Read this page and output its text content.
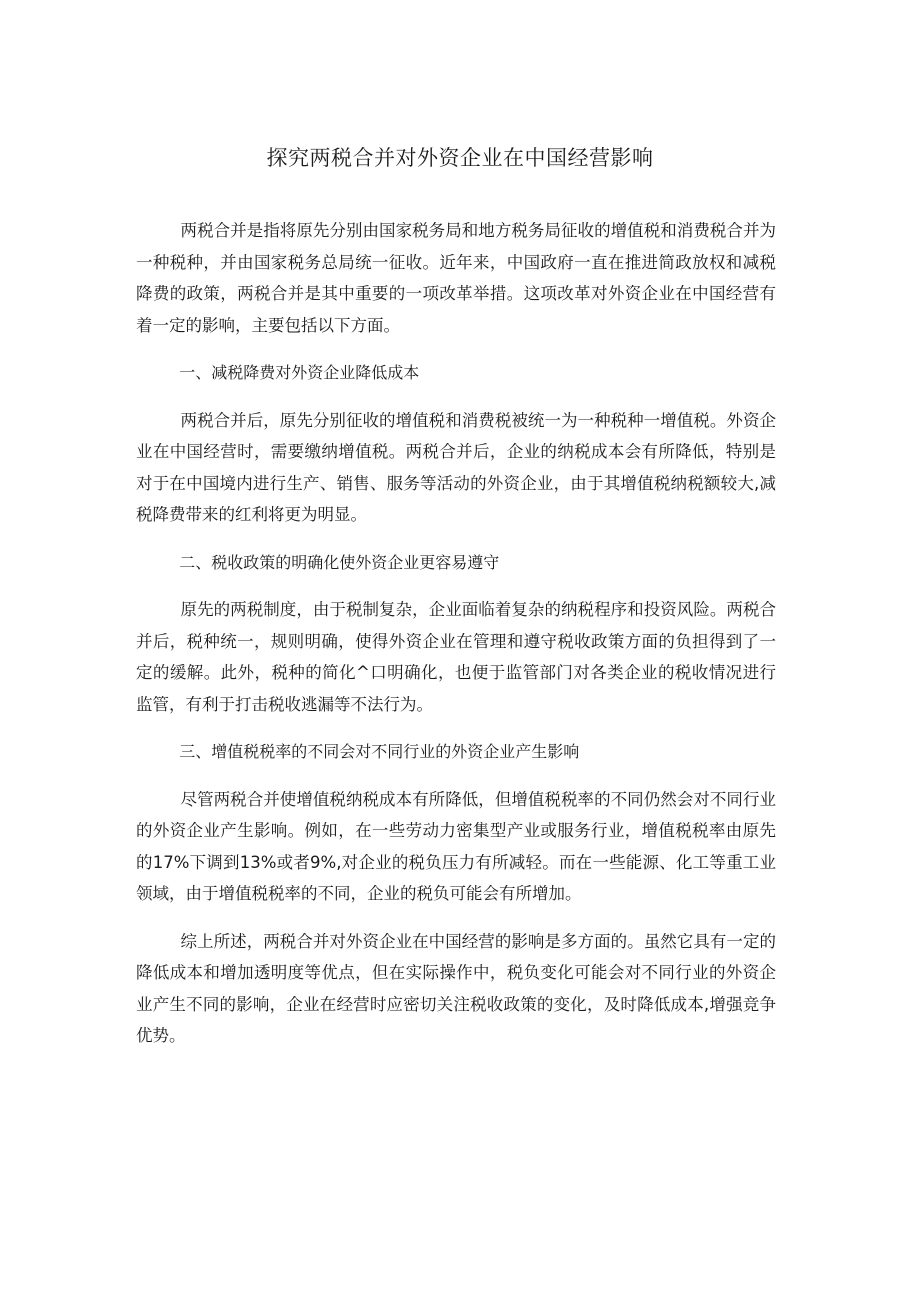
探究两税合并对外资企业在中国经营影响

两税合并是指将原先分别由国家税务局和地方税务局征收的增值税和消费税合并为一种税种，并由国家税务总局统一征收。近年来，中国政府一直在推进简政放权和减税降费的政策，两税合并是其中重要的一项改革举措。这项改革对外资企业在中国经营有着一定的影响，主要包括以下方面。

一、减税降费对外资企业降低成本

两税合并后，原先分别征收的增值税和消费税被统一为一种税种一增值税。外资企业在中国经营时，需要缴纳增值税。两税合并后，企业的纳税成本会有所降低，特别是对于在中国境内进行生产、销售、服务等活动的外资企业，由于其增值税纳税额较大,减税降费带来的红利将更为明显。

二、税收政策的明确化使外资企业更容易遵守

原先的两税制度，由于税制复杂，企业面临着复杂的纳税程序和投资风险。两税合并后，税种统一，规则明确，使得外资企业在管理和遵守税收政策方面的负担得到了一定的缓解。此外，税种的简化^口明确化，也便于监管部门对各类企业的税收情况进行监管，有利于打击税收逃漏等不法行为。

三、增值税税率的不同会对不同行业的外资企业产生影响

尽管两税合并使增值税纳税成本有所降低，但增值税税率的不同仍然会对不同行业的外资企业产生影响。例如，在一些劳动力密集型产业或服务行业，增值税税率由原先的17%下调到13%或者9%,对企业的税负压力有所减轻。而在一些能源、化工等重工业领域，由于增值税税率的不同，企业的税负可能会有所增加。

综上所述，两税合并对外资企业在中国经营的影响是多方面的。虽然它具有一定的降低成本和增加透明度等优点，但在实际操作中，税负变化可能会对不同行业的外资企业产生不同的影响，企业在经营时应密切关注税收政策的变化，及时降低成本,增强竞争优势。
